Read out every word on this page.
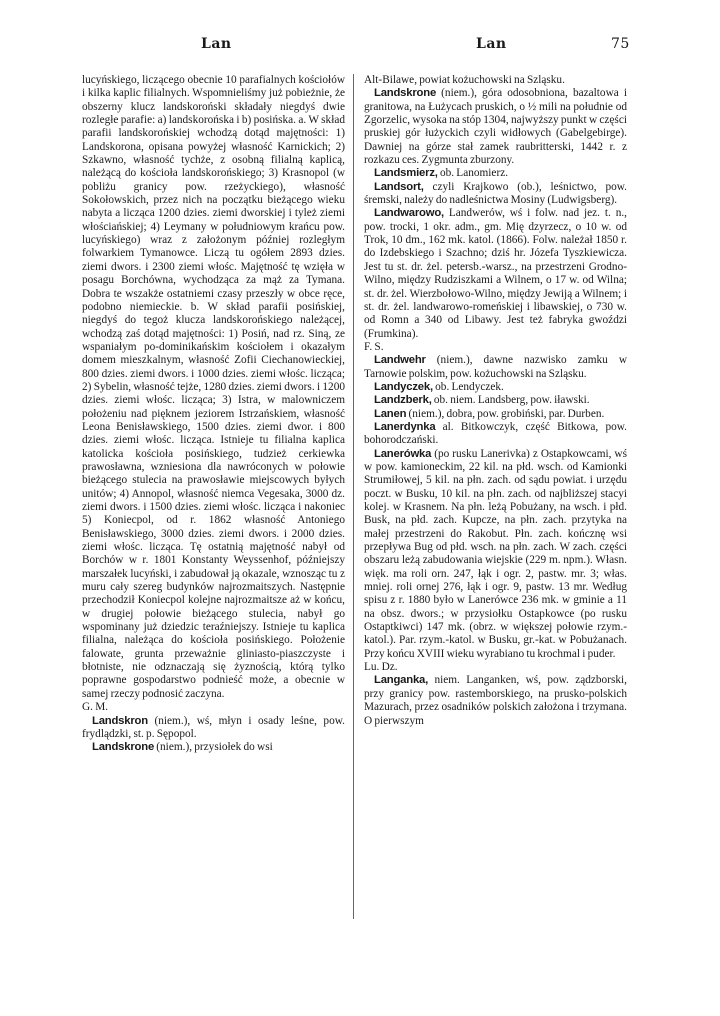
Lan	Lan	75

lucyńskiego, liczącego obecnie 10 parafialnych kościołów i kilka kaplic filialnych. Wspomnieliśmy już pobieżnie, że obszerny klucz landskoroński składały niegdyś dwie rozległe parafie: a) landskorońska i b) posińska. a. W skład parafii landskorońskiej wchodzą dotąd majętności: 1) Landskorona, opisana powyżej własność Karnickich; 2) Szkawno, własność tychże, z osobną filialną kaplicą, należącą do kościoła landskorońskiego; 3) Krasnopol (w pobliżu granicy pow. rzeżyckiego), własność Sokołowskich, przez nich na początku bieżącego wieku nabyta a licząca 1200 dzies. ziemi dworskiej i tyleż ziemi włościańskiej; 4) Leymany w południowym krańcu pow. lucyńskiego) wraz z założonym później rozległym folwarkiem Tymanowce. Liczą tu ogółem 2893 dzies. ziemi dwors. i 2300 ziemi włośc. Majętność tę wzięła w posagu Borchówna, wychodząca za mąż za Tymana. Dobra te wszakże ostatniemi czasy przeszły w obce ręce, podobno niemieckie. b. W skład parafii posińskiej, niegdyś do tegoż klucza landskorońskiego należącej, wchodzą zaś dotąd majętności: 1) Posiń, nad rz. Siną, ze wspaniałym po-dominikańskim kościołem i okazałym domem mieszkalnym, własność Zofii Ciechanowieckiej, 800 dzies. ziemi dwors. i 1000 dzies. ziemi włośc. licząca; 2) Sybelin, własność tejże, 1280 dzies. ziemi dwors. i 1200 dzies. ziemi włośc. licząca; 3) Istra, w malowniczem położeniu nad pięknem jeziorem Istrzańskiem, własność Leona Benisławskiego, 1500 dzies. ziemi dwor. i 800 dzies. ziemi włośc. licząca. Istnieje tu filialna kaplica katolicka kościoła posińskiego, tudzież cerkiewka prawosławna, wzniesiona dla nawróconych w połowie bieżącego stulecia na prawosławie miejscowych byłych unitów; 4) Annopol, własność niemca Vegesaka, 3000 dz. ziemi dwors. i 1500 dzies. ziemi włośc. licząca i nakoniec 5) Koniecpol, od r. 1862 własność Antoniego Benisławskiego, 3000 dzies. ziemi dwors. i 2000 dzies. ziemi włośc. licząca. Tę ostatnią majętność nabył od Borchów w r. 1801 Konstanty Weyssenhof, późniejszy marszałek lucyński, i zabudował ją okazale, wznosząc tu z muru cały szereg budynków najrozmaitszych. Następnie przechodził Koniecpol kolejne najrozmaitsze aż w końcu, w drugiej połowie bieżącego stulecia, nabył go wspominany już dziedzic teraźniejszy. Istnieje tu kaplica filialna, należąca do kościoła posińskiego. Położenie falowate, grunta przeważnie gliniasto-piaszczyste i błotniste, nie odznaczają się żyznością, którą tylko poprawne gospodarstwo podnieść może, a obecnie w samej rzeczy podnosić zaczyna.

G. M.

Landskron (niem.), wś, młyn i osady leśne, pow. frydlądzki, st. p. Sępopol.

Landskrone (niem.), przysiołek do wsi

Alt-Bilawe, powiat kożuchowski na Szląsku.

Landskrone (niem.), góra odosobniona, bazaltowa i granitowa, na Łużycach pruskich, o ½ mili na południe od Zgorzelic, wysoka na stóp 1304, najwyższy punkt w części pruskiej gór łużyckich czyli widłowych (Gabelgebirge). Dawniej na górze stał zamek raubritterski, 1442 r. z rozkazu ces. Zygmunta zburzony.

Landsmierz, ob. Lanomierz.

Landsort, czyli Krajkowo (ob.), leśnictwo, pow. śremski, należy do nadleśnictwa Mosiny (Ludwigsberg).

Landwarowo, Landwerów, wś i folw. nad jez. t. n., pow. trocki, 1 okr. adm., gm. Mię dzyrzecz, o 10 w. od Trok, 10 dm., 162 mk. katol. (1866). Folw. należał 1850 r. do Izdebskiego i Szachno; dziś hr. Józefa Tyszkiewicza. Jest tu st. dr. żel. petersb.-warsz., na przestrzeni Grodno-Wilno, między Rudziszkami a Wilnem, o 17 w. od Wilna; st. dr. żel. Wierzbołowo-Wilno, między Jewiją a Wilnem; i st. dr. żel. landwarowo-romeńskiej i libawskiej, o 730 w. od Romn a 340 od Libawy. Jest też fabryka gwoździ (Frumkina).

F. S.

Landwehr (niem.), dawne nazwisko zamku w Tarnowie polskim, pow. kożuchowski na Szląsku.

Landyczek, ob. Lendyczek.

Landzberk, ob. niem. Landsberg, pow. iławski.

Lanen (niem.), dobra, pow. grobiński, par. Durben.

Lanerdynka al. Bitkowczyk, część Bitkowa, pow. bohorodczański.

Lanerówka (po rusku Lanerivka) z Ostapkowcami, wś w pow. kamioneckim, 22 kil. na płd. wsch. od Kamionki Strumiłowej, 5 kil. na płn. zach. od sądu powiat. i urzędu poczt. w Busku, 10 kil. na płn. zach. od najbliższej stacyi kolej. w Krasnem. Na płn. leżą Pobużany, na wsch. i płd. Busk, na płd. zach. Kupcze, na płn. zach. przytyka na małej przestrzeni do Rakobut. Płn. zach. kończnę wsi przepływa Bug od płd. wsch. na płn. zach. W zach. części obszaru leżą zabudowania wiejskie (229 m. npm.). Własn. więk. ma roli orn. 247, łąk i ogr. 2, pastw. mr. 3; włas. mniej. roli ornej 276, łąk i ogr. 9, pastw. 13 mr. Według spisu z r. 1880 było w Lanerówce 236 mk. w gminie a 11 na obsz. dwors.; w przysiołku Ostapkowce (po rusku Ostaptkiwci) 147 mk. (obrz. w większej połowie rzym.-katol.). Par. rzym.-katol. w Busku, gr.-kat. w Pobużanach. Przy końcu XVIII wieku wyrabiano tu krochmal i puder.

Lu. Dz.

Langanka, niem. Langanken, wś, pow. ządzborski, przy granicy pow. rastemborskiego, na prusko-polskich Mazurach, przez osadników polskich założona i trzymana. O pierwszym
